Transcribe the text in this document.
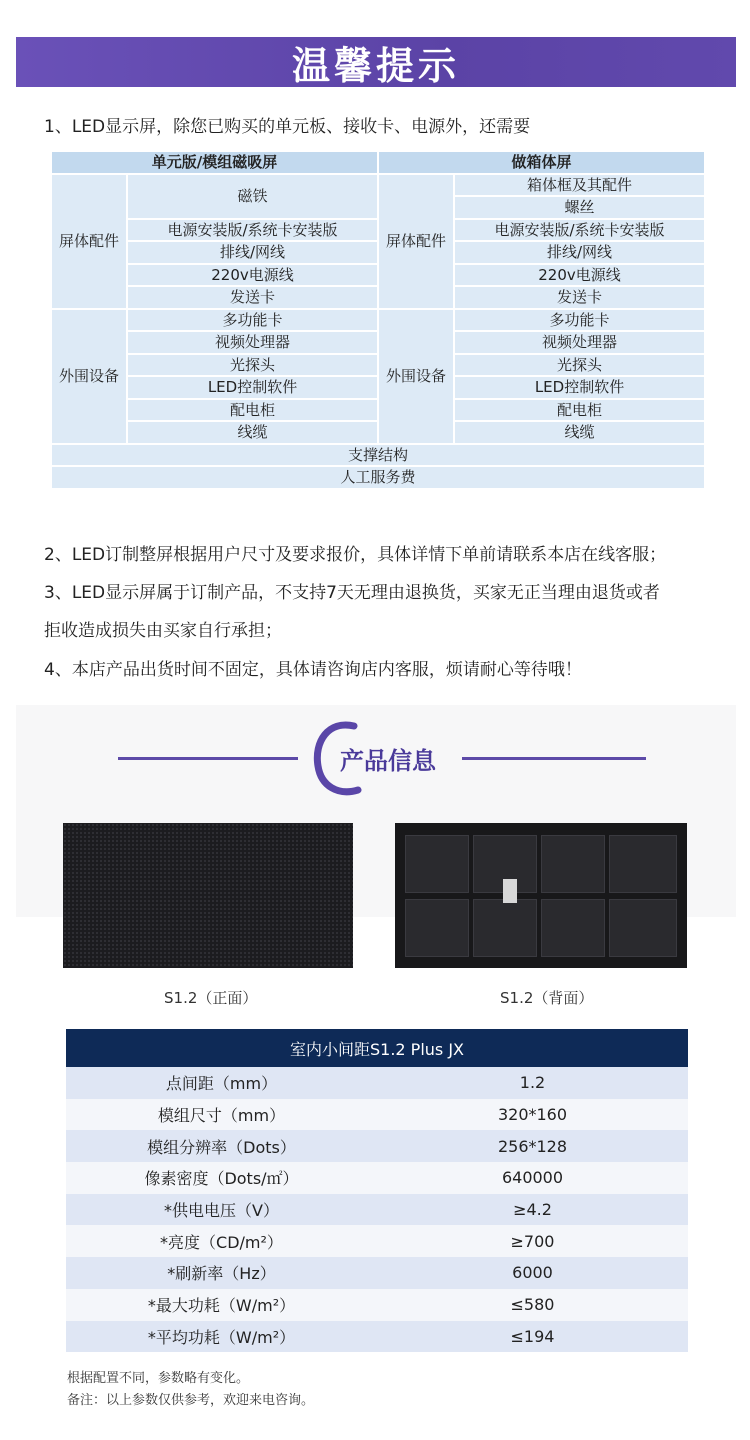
温馨提示
1、LED显示屏，除您已购买的单元板、接收卡、电源外，还需要
单元版/模组磁吸屏		做箱体屏	
屏体配件	磁铁	屏体配件	箱体框及其配件
			螺丝
	电源安装版/系统卡安装版		电源安装版/系统卡安装版
	排线/网线		排线/网线
	220v电源线		220v电源线
	发送卡		发送卡
外围设备	多功能卡	外围设备	多功能卡
	视频处理器		视频处理器
	光探头		光探头
	LED控制软件		LED控制软件
	配电柜		配电柜
	线缆		线缆
支撑结构			
人工服务费			
2、LED订制整屏根据用户尺寸及要求报价，具体详情下单前请联系本店在线客服；
3、LED显示屏属于订制产品，不支持7天无理由退换货，买家无正当理由退货或者
拒收造成损失由买家自行承担；
4、本店产品出货时间不固定，具体请咨询店内客服，烦请耐心等待哦！
产品信息
S1.2（正面）	S1.2（背面）
室内小间距S1.2 Plus JX	
点间距（mm）	1.2
模组尺寸（mm）	320*160
模组分辨率（Dots）	256*128
像素密度（Dots/㎡）	640000
*供电电压（V）	≥4.2
*亮度（CD/m²）	≥700
*刷新率（Hz）	6000
*最大功耗（W/m²）	≤580
*平均功耗（W/m²）	≤194
根据配置不同，参数略有变化。
备注：以上参数仅供参考，欢迎来电咨询。
